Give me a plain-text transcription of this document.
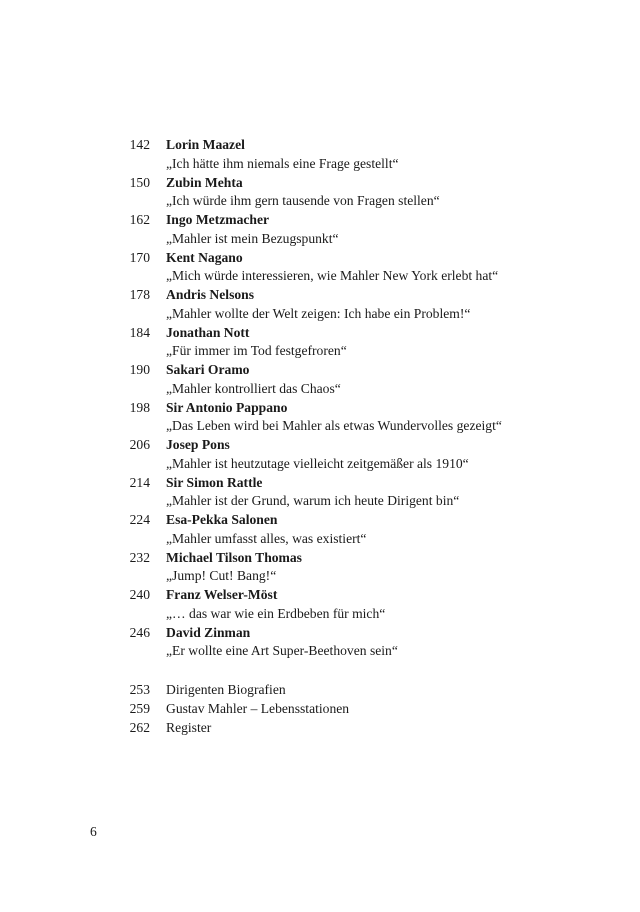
142 Lorin Maazel
„Ich hätte ihm niemals eine Frage gestellt“
150 Zubin Mehta
„Ich würde ihm gern tausende von Fragen stellen“
162 Ingo Metzmacher
„Mahler ist mein Bezugspunkt“
170 Kent Nagano
„Mich würde interessieren, wie Mahler New York erlebt hat“
178 Andris Nelsons
„Mahler wollte der Welt zeigen: Ich habe ein Problem!“
184 Jonathan Nott
„Für immer im Tod festgefroren“
190 Sakari Oramo
„Mahler kontrolliert das Chaos“
198 Sir Antonio Pappano
„Das Leben wird bei Mahler als etwas Wundervolles gezeigt“
206 Josep Pons
„Mahler ist heutzutage vielleicht zeitgemäßer als 1910“
214 Sir Simon Rattle
„Mahler ist der Grund, warum ich heute Dirigent bin“
224 Esa-Pekka Salonen
„Mahler umfasst alles, was existiert“
232 Michael Tilson Thomas
„Jump! Cut! Bang!“
240 Franz Welser-Möst
„… das war wie ein Erdbeben für mich“
246 David Zinman
„Er wollte eine Art Super-Beethoven sein“
253 Dirigenten Biografien
259 Gustav Mahler – Lebensstationen
262 Register
6
